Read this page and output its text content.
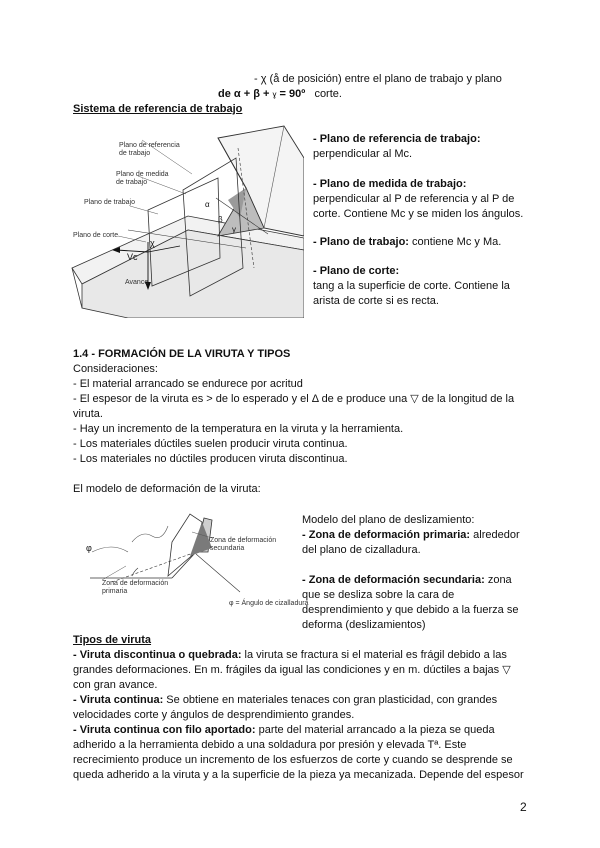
- χ (å de posición) entre el plano de trabajo y plano
de α + β + ɣ = 90º corte.
Sistema de referencia de trabajo
Plano de referencia
de trabajo
Plano de medida
de trabajo
Plano de trabajo
Plano de corte
Vc
Avance
χ
α
β
γ
- Plano de referencia de trabajo:
perpendicular al Mc.
- Plano de medida de trabajo:
perpendicular al P de referencia y al P de
corte. Contiene Mc y se miden los ángulos.
- Plano de trabajo: contiene Mc y Ma.
- Plano de corte:
tang a la superficie de corte. Contiene la
arista de corte si es recta.
1.4 - FORMACIÓN DE LA VIRUTA Y TIPOS
Consideraciones:
- El material arrancado se endurece por acritud
- El espesor de la viruta es > de lo esperado y el Δ de e produce una ▽ de la longitud de la
viruta.
- Hay un incremento de la temperatura en la viruta y la herramienta.
- Los materiales dúctiles suelen producir viruta continua.
- Los materiales no dúctiles producen viruta discontinua.
El modelo de deformación de la viruta:
Zona de deformación
secundaria
Zona de deformación
primaria
φ = Ángulo de cizalladura
φ
Modelo del plano de deslizamiento:
- Zona de deformación primaria: alrededor
del plano de cizalladura.
- Zona de deformación secundaria: zona
que se desliza sobre la cara de
desprendimiento y que debido a la fuerza se
deforma (deslizamientos)
Tipos de viruta
- Viruta discontinua o quebrada: la viruta se fractura si el material es frágil debido a las
grandes deformaciones. En m. frágiles da igual las condiciones y en m. dúctiles a bajas ▽
con gran avance.
- Viruta continua: Se obtiene en materiales tenaces con gran plasticidad, con grandes
velocidades corte y ángulos de desprendimiento grandes.
- Viruta continua con filo aportado: parte del material arrancado a la pieza se queda
adherido a la herramienta debido a una soldadura por presión y elevada Tª. Este
recrecimiento produce un incremento de los esfuerzos de corte y cuando se desprende se
queda adherido a la viruta y a la superficie de la pieza ya mecanizada. Depende del espesor
2
